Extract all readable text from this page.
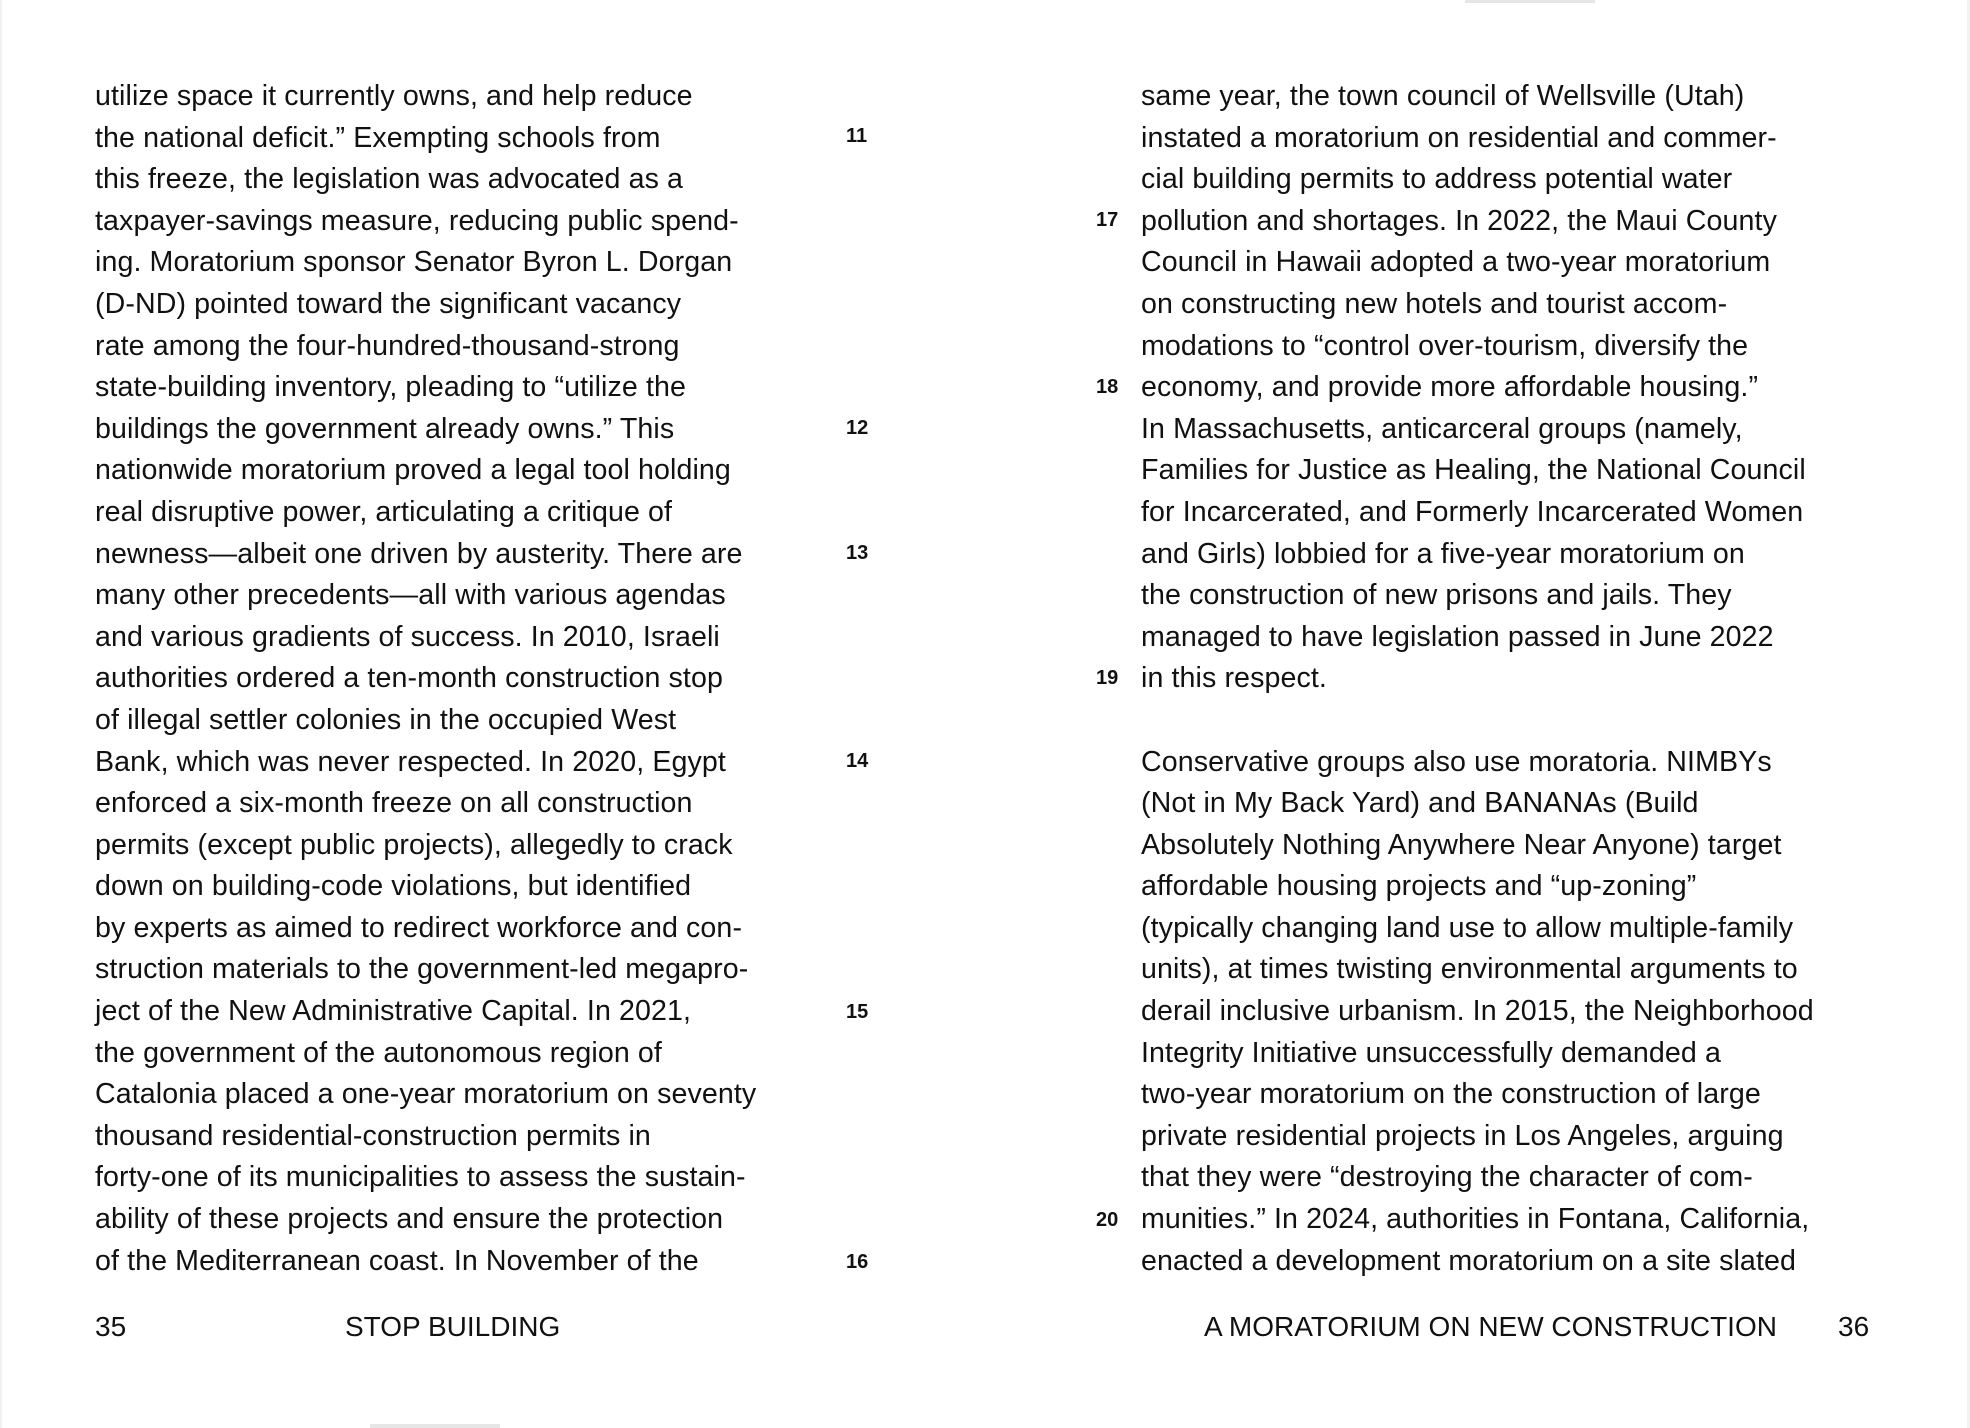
utilize space it currently owns, and help reduce
the national deficit.” Exempting schools from
this freeze, the legislation was advocated as a
taxpayer-savings measure, reducing public spend-
ing. Moratorium sponsor Senator Byron L. Dorgan
(D-ND) pointed toward the significant vacancy
rate among the four-hundred-thousand-strong
state-building inventory, pleading to “utilize the
buildings the government already owns.” This
nationwide moratorium proved a legal tool holding
real disruptive power, articulating a critique of
newness—albeit one driven by austerity. There are
many other precedents—all with various agendas
and various gradients of success. In 2010, Israeli
authorities ordered a ten-month construction stop
of illegal settler colonies in the occupied West
Bank, which was never respected. In 2020, Egypt
enforced a six-month freeze on all construction
permits (except public projects), allegedly to crack
down on building-code violations, but identified
by experts as aimed to redirect workforce and con-
struction materials to the government-led megapro-
ject of the New Administrative Capital. In 2021,
the government of the autonomous region of
Catalonia placed a one-year moratorium on seventy
thousand residential-construction permits in
forty-one of its municipalities to assess the sustain-
ability of these projects and ensure the protection
of the Mediterranean coast. In November of the
11
12
13
14
15
16
35	STOP BUILDING
same year, the town council of Wellsville (Utah)
instated a moratorium on residential and commer-
cial building permits to address potential water
pollution and shortages. In 2022, the Maui County
Council in Hawaii adopted a two-year moratorium
on constructing new hotels and tourist accom-
modations to “control over-tourism, diversify the
economy, and provide more affordable housing.”
In Massachusetts, anticarceral groups (namely,
Families for Justice as Healing, the National Council
for Incarcerated, and Formerly Incarcerated Women
and Girls) lobbied for a five-year moratorium on
the construction of new prisons and jails. They
managed to have legislation passed in June 2022
in this respect.
Conservative groups also use moratoria. NIMBYs
(Not in My Back Yard) and BANANAs (Build
Absolutely Nothing Anywhere Near Anyone) target
affordable housing projects and “up-zoning”
(typically changing land use to allow multiple-family
units), at times twisting environmental arguments to
derail inclusive urbanism. In 2015, the Neighborhood
Integrity Initiative unsuccessfully demanded a
two-year moratorium on the construction of large
private residential projects in Los Angeles, arguing
that they were “destroying the character of com-
munities.” In 2024, authorities in Fontana, California,
enacted a development moratorium on a site slated
17
18
19
20
A MORATORIUM ON NEW CONSTRUCTION 36
